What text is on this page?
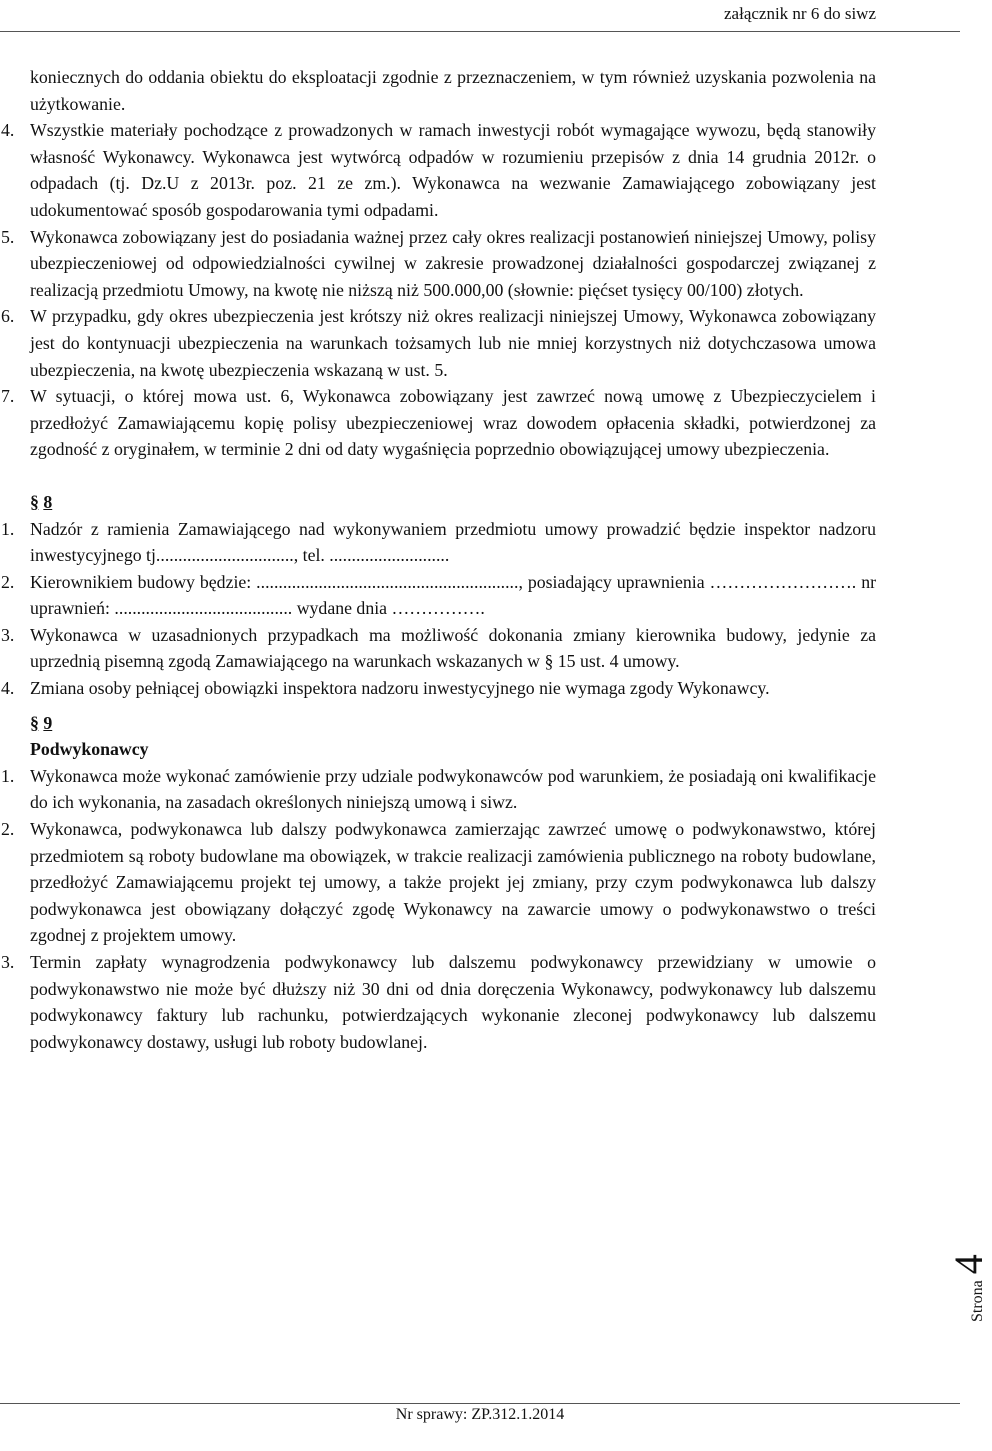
załącznik nr 6 do siwz

koniecznych do oddania obiektu do eksploatacji zgodnie z przeznaczeniem, w tym również uzyskania pozwolenia na użytkowanie.

4. Wszystkie materiały pochodzące z prowadzonych w ramach inwestycji robót wymagające wywozu, będą stanowiły własność Wykonawcy. Wykonawca jest wytwórcą odpadów w rozumieniu przepisów z dnia 14 grudnia 2012r. o odpadach (tj. Dz.U z 2013r. poz. 21 ze zm.). Wykonawca na wezwanie Zamawiającego zobowiązany jest udokumentować sposób gospodarowania tymi odpadami.

5. Wykonawca zobowiązany jest do posiadania ważnej przez cały okres realizacji postanowień niniejszej Umowy, polisy ubezpieczeniowej od odpowiedzialności cywilnej w zakresie prowadzonej działalności gospodarczej związanej z realizacją przedmiotu Umowy, na kwotę nie niższą niż 500.000,00 (słownie: pięćset tysięcy 00/100) złotych.

6. W przypadku, gdy okres ubezpieczenia jest krótszy niż okres realizacji niniejszej Umowy, Wykonawca zobowiązany jest do kontynuacji ubezpieczenia na warunkach tożsamych lub nie mniej korzystnych niż dotychczasowa umowa ubezpieczenia, na kwotę ubezpieczenia wskazaną w ust. 5.

7. W sytuacji, o której mowa ust. 6, Wykonawca zobowiązany jest zawrzeć nową umowę z Ubezpieczycielem i przedłożyć Zamawiającemu kopię polisy ubezpieczeniowej wraz dowodem opłacenia składki, potwierdzonej za zgodność z oryginałem, w terminie 2 dni od daty wygaśnięcia poprzednio obowiązującej umowy ubezpieczenia.

§ 8

1. Nadzór z ramienia Zamawiającego nad wykonywaniem przedmiotu umowy prowadzić będzie inspektor nadzoru inwestycyjnego tj..............................., tel. ...........................

2. Kierownikiem budowy będzie: ..........................................................., posiadający uprawnienia ……………………. nr uprawnień: ........................................ wydane dnia …………….

3. Wykonawca w uzasadnionych przypadkach ma możliwość dokonania zmiany kierownika budowy, jedynie za uprzednią pisemną zgodą Zamawiającego na warunkach wskazanych w § 15 ust. 4 umowy.

4. Zmiana osoby pełniącej obowiązki inspektora nadzoru inwestycyjnego nie wymaga zgody Wykonawcy.

§ 9

Podwykonawcy

1. Wykonawca może wykonać zamówienie przy udziale podwykonawców pod warunkiem, że posiadają oni kwalifikacje do ich wykonania, na zasadach określonych niniejszą umową i siwz.

2. Wykonawca, podwykonawca lub dalszy podwykonawca zamierzając zawrzeć umowę o podwykonawstwo, której przedmiotem są roboty budowlane ma obowiązek, w trakcie realizacji zamówienia publicznego na roboty budowlane, przedłożyć Zamawiającemu projekt tej umowy, a także projekt jej zmiany, przy czym podwykonawca lub dalszy podwykonawca jest obowiązany dołączyć zgodę Wykonawcy na zawarcie umowy o podwykonawstwo o treści zgodnej z projektem umowy.

3. Termin zapłaty wynagrodzenia podwykonawcy lub dalszemu podwykonawcy przewidziany w umowie o podwykonawstwo nie może być dłuższy niż 30 dni od dnia doręczenia Wykonawcy, podwykonawcy lub dalszemu podwykonawcy faktury lub rachunku, potwierdzających wykonanie zleconej podwykonawcy lub dalszemu podwykonawcy dostawy, usługi lub roboty budowlanej.

Strona4
Nr sprawy: ZP.312.1.2014
